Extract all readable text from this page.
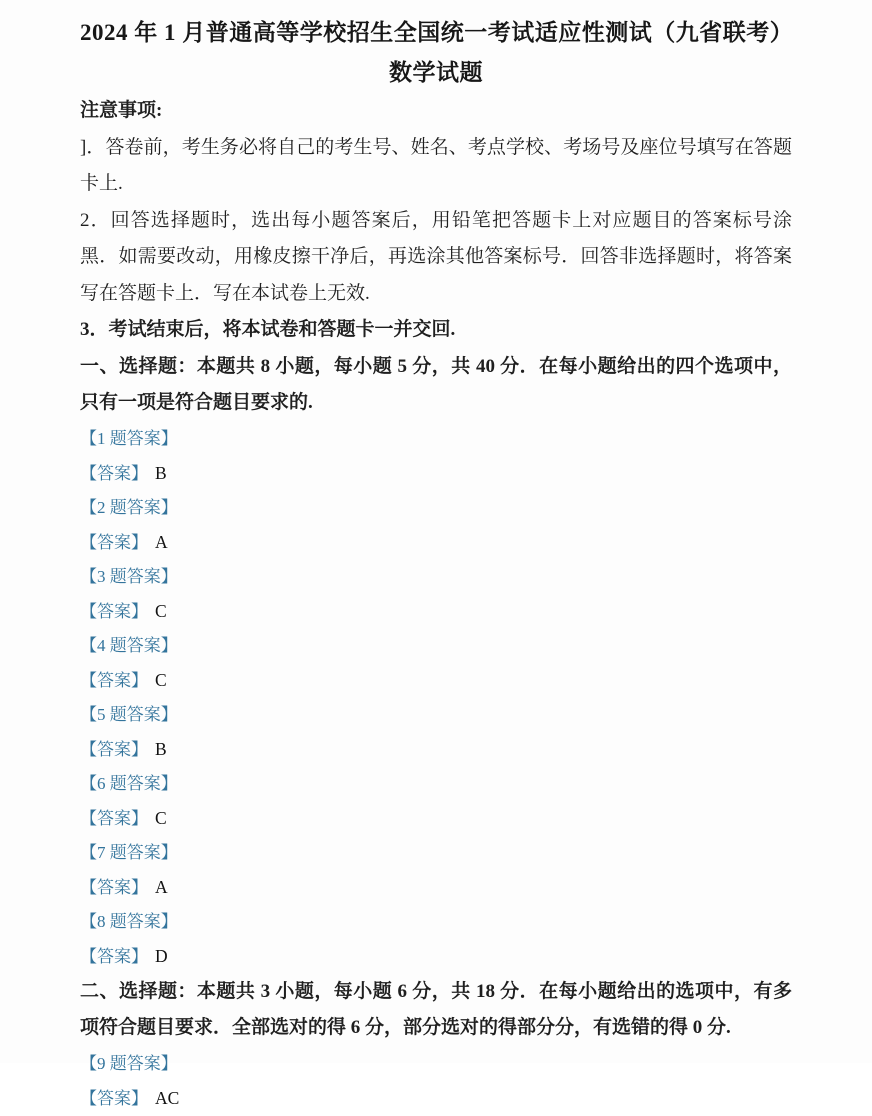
2024 年 1 月普通高等学校招生全国统一考试适应性测试（九省联考）
数学试题
注意事项:
]．答卷前，考生务必将自己的考生号、姓名、考点学校、考场号及座位号填写在答题卡上.
2．回答选择题时，选出每小题答案后，用铅笔把答题卡上对应题目的答案标号涂黑．如需要改动，用橡皮擦干净后，再选涂其他答案标号．回答非选择题时，将答案写在答题卡上．写在本试卷上无效.
3．考试结束后，将本试卷和答题卡一并交回.
一、选择题：本题共 8 小题，每小题 5 分，共 40 分．在每小题给出的四个选项中，只有一项是符合题目要求的.
【1 题答案】
【答案】 B
【2 题答案】
【答案】 A
【3 题答案】
【答案】 C
【4 题答案】
【答案】 C
【5 题答案】
【答案】 B
【6 题答案】
【答案】 C
【7 题答案】
【答案】 A
【8 题答案】
【答案】 D
二、选择题：本题共 3 小题，每小题 6 分，共 18 分．在每小题给出的选项中，有多项符合题目要求．全部选对的得 6 分，部分选对的得部分分，有选错的得 0 分.
【9 题答案】
【答案】 AC
